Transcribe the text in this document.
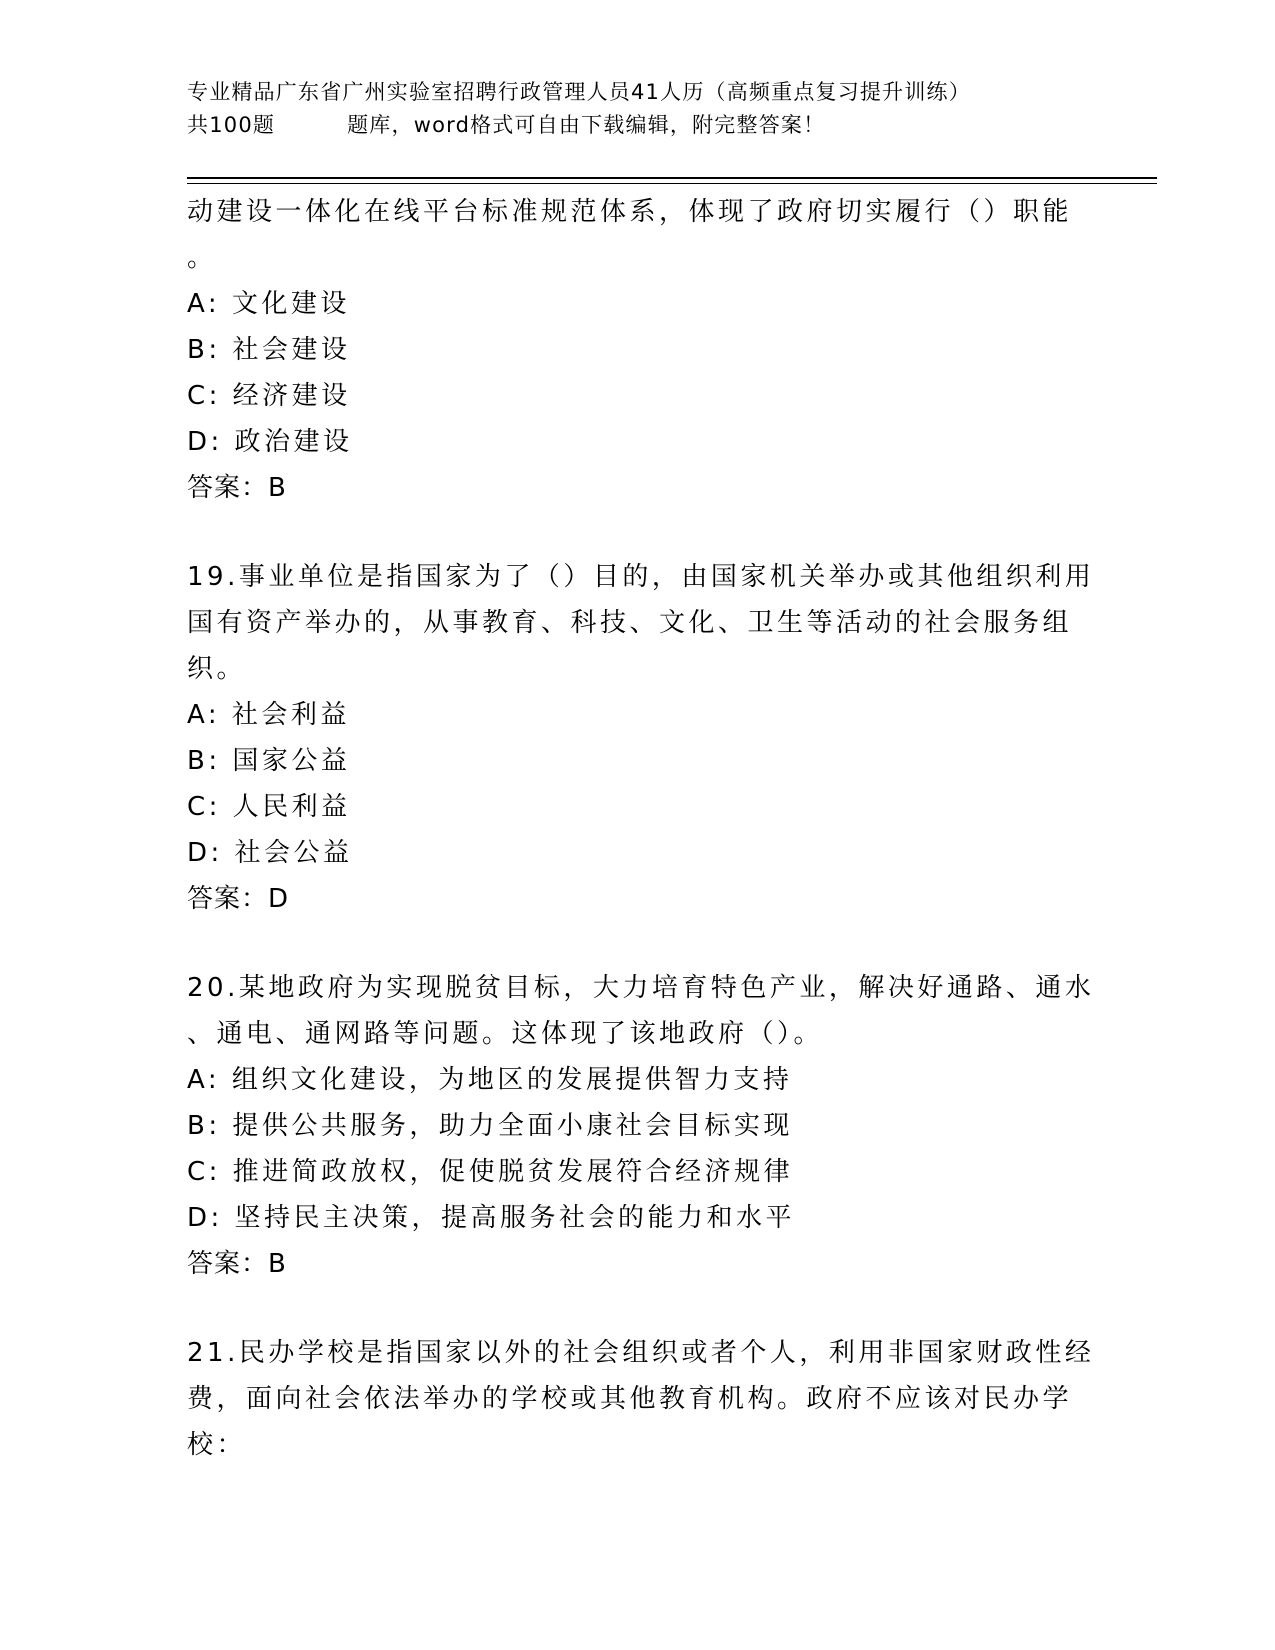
专业精品广东省广州实验室招聘行政管理人员41人历（高频重点复习提升训练）
共100题	题库，word格式可自由下载编辑，附完整答案！
动建设一体化在线平台标准规范体系，体现了政府切实履行（）职能
。
A: 文化建设
B: 社会建设
C: 经济建设
D: 政治建设
答案：B
19.事业单位是指国家为了（）目的，由国家机关举办或其他组织利用
国有资产举办的，从事教育、科技、文化、卫生等活动的社会服务组
织。
A: 社会利益
B: 国家公益
C: 人民利益
D: 社会公益
答案：D
20.某地政府为实现脱贫目标，大力培育特色产业，解决好通路、通水
、通电、通网路等问题。这体现了该地政府（）。
A: 组织文化建设，为地区的发展提供智力支持
B: 提供公共服务，助力全面小康社会目标实现
C: 推进简政放权，促使脱贫发展符合经济规律
D: 坚持民主决策，提高服务社会的能力和水平
答案：B
21.民办学校是指国家以外的社会组织或者个人，利用非国家财政性经
费，面向社会依法举办的学校或其他教育机构。政府不应该对民办学
校：
